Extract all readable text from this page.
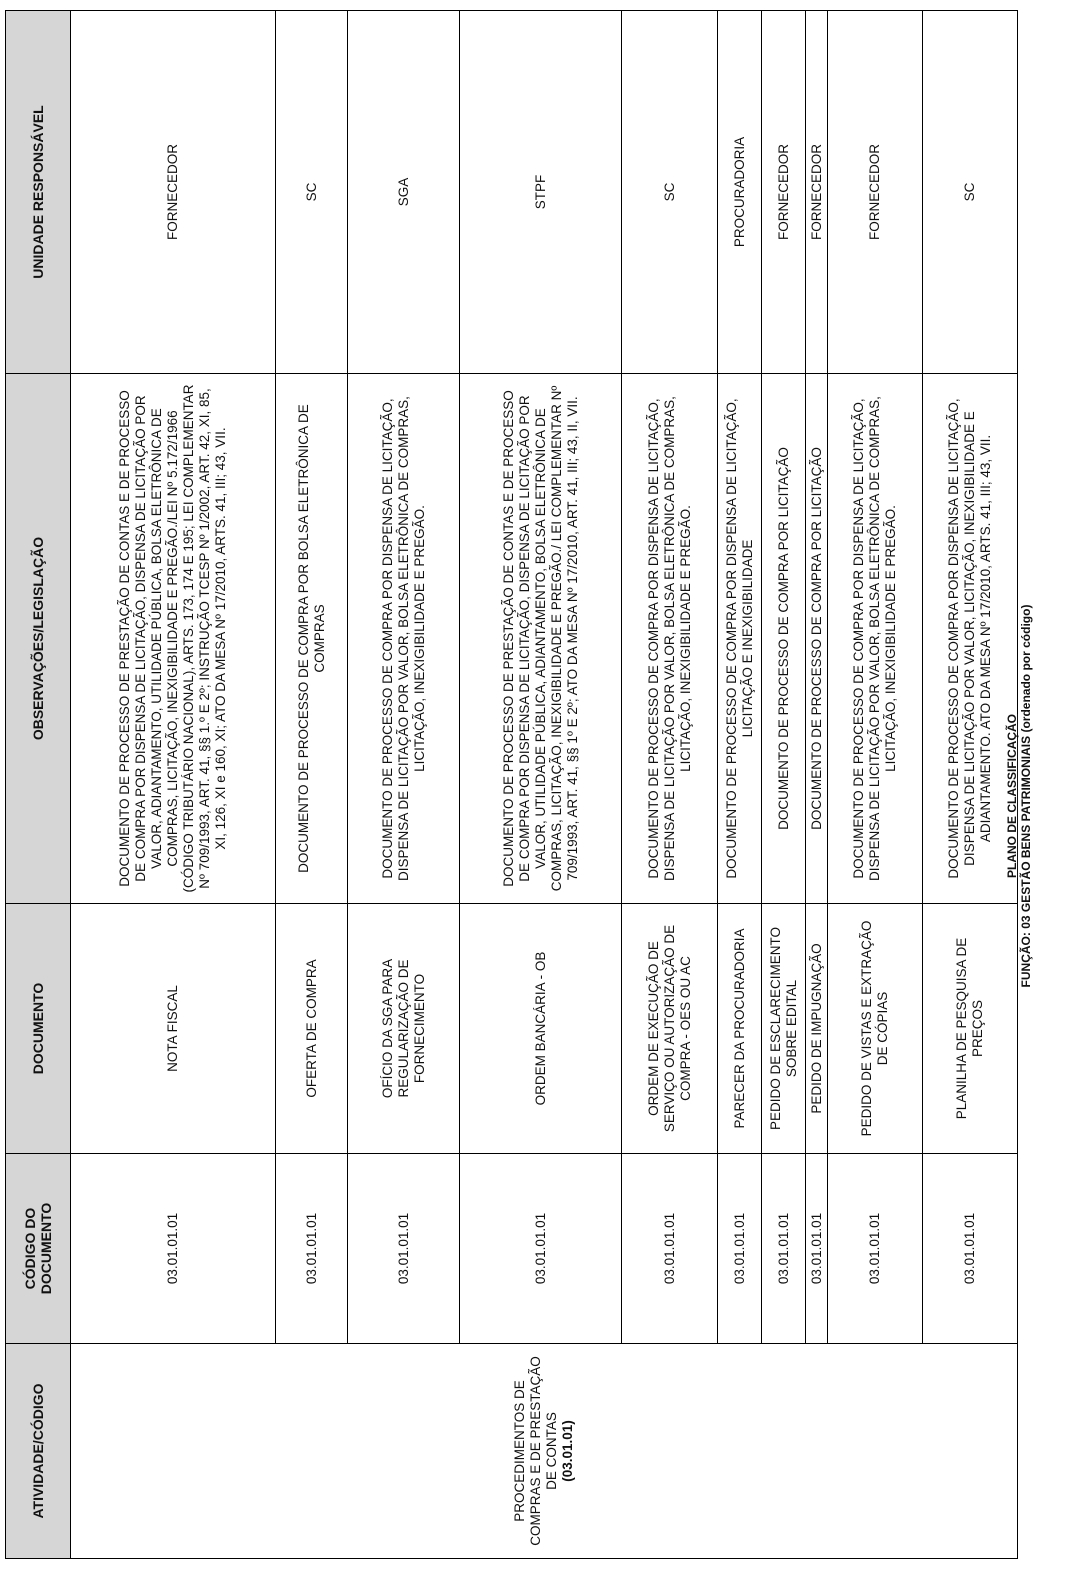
ATIVIDADE/CÓDIGO	CÓDIGO DO DOCUMENTO	DOCUMENTO	OBSERVAÇÕES/LEGISLAÇÃO	UNIDADE RESPONSÁVEL
PROCEDIMENTOS DE COMPRAS E DE PRESTAÇÃO DE CONTAS (03.01.01)	03.01.01.01	NOTA FISCAL	DOCUMENTO DE PROCESSO DE PRESTAÇÃO DE CONTAS E DE PROCESSO DE COMPRA POR DISPENSA DE LICITAÇÃO, DISPENSA DE LICITAÇÃO POR VALOR, ADIANTAMENTO, UTILIDADE PÚBLICA, BOLSA ELETRÔNICA DE COMPRAS, LICITAÇÃO, INEXIGIBILIDADE E PREGÃO./LEI Nº 5.172/1966 (CÓDIGO TRIBUTÁRIO NACIONAL), ARTS. 173, 174 E 195; LEI COMPLEMENTAR Nº 709/1993, ART. 41, §§ 1.º E 2º; INSTRUÇÃO TCESP Nº 1/2002, ART. 42, XI, 85, XI, 126, XI e 160, XI; ATO DA MESA Nº 17/2010, ARTS. 41, III; 43, VII.	FORNECEDOR
	03.01.01.01	OFERTA DE COMPRA	DOCUMENTO DE PROCESSO DE COMPRA POR BOLSA ELETRÔNICA DE COMPRAS	SC
	03.01.01.01	OFÍCIO DA SGA PARA REGULARIZAÇÃO DE FORNECIMENTO	DOCUMENTO DE PROCESSO DE COMPRA POR DISPENSA DE LICITAÇÃO, DISPENSA DE LICITAÇÃO POR VALOR, BOLSA ELETRÔNICA DE COMPRAS, LICITAÇÃO, INEXIGIBILIDADE E PREGÃO.	SGA
	03.01.01.01	ORDEM BANCÁRIA - OB	DOCUMENTO DE PROCESSO DE PRESTAÇÃO DE CONTAS E DE PROCESSO DE COMPRA POR DISPENSA DE LICITAÇÃO, DISPENSA DE LICITAÇÃO POR VALOR, UTILIDADE PÚBLICA, ADIANTAMENTO, BOLSA ELETRÔNICA DE COMPRAS, LICITAÇÃO, INEXIGIBILIDADE E PREGÃO./ LEI COMPLEMENTAR Nº 709/1993, ART. 41, §§ 1º E 2º; ATO DA MESA Nº 17/2010, ART. 41, III; 43, II, VII.	STPF
	03.01.01.01	ORDEM DE EXECUÇÃO DE SERVIÇO OU AUTORIZAÇÃO DE COMPRA - OES OU AC	DOCUMENTO DE PROCESSO DE COMPRA POR DISPENSA DE LICITAÇÃO, DISPENSA DE LICITAÇÃO POR VALOR, BOLSA ELETRÔNICA DE COMPRAS, LICITAÇÃO, INEXIGIBILIDADE E PREGÃO.	SC
	03.01.01.01	PARECER DA PROCURADORIA	DOCUMENTO DE PROCESSO DE COMPRA POR DISPENSA DE LICITAÇÃO, LICITAÇÃO E INEXIGIBILIDADE	PROCURADORIA
	03.01.01.01	PEDIDO DE ESCLARECIMENTO SOBRE EDITAL	DOCUMENTO DE PROCESSO DE COMPRA POR LICITAÇÃO	FORNECEDOR
	03.01.01.01	PEDIDO DE IMPUGNAÇÃO	DOCUMENTO DE PROCESSO DE COMPRA POR LICITAÇÃO	FORNECEDOR
	03.01.01.01	PEDIDO DE VISTAS E EXTRAÇÃO DE CÓPIAS	DOCUMENTO DE PROCESSO DE COMPRA POR DISPENSA DE LICITAÇÃO, DISPENSA DE LICITAÇÃO POR VALOR, BOLSA ELETRÔNICA DE COMPRAS, LICITAÇÃO, INEXIGIBILIDADE E PREGÃO.	FORNECEDOR
	03.01.01.01	PLANILHA DE PESQUISA DE PREÇOS	DOCUMENTO DE PROCESSO DE COMPRA POR DISPENSA DE LICITAÇÃO, DISPENSA DE LICITAÇÃO POR VALOR, LICITAÇÃO, INEXIGIBILIDADE E ADIANTAMENTO. ATO DA MESA Nº 17/2010, ARTS. 41, III; 43, VII.	SC
PLANO DE CLASSIFICAÇÃO FUNÇÃO: 03 GESTÃO BENS PATRIMONIAIS (ordenado por código)
